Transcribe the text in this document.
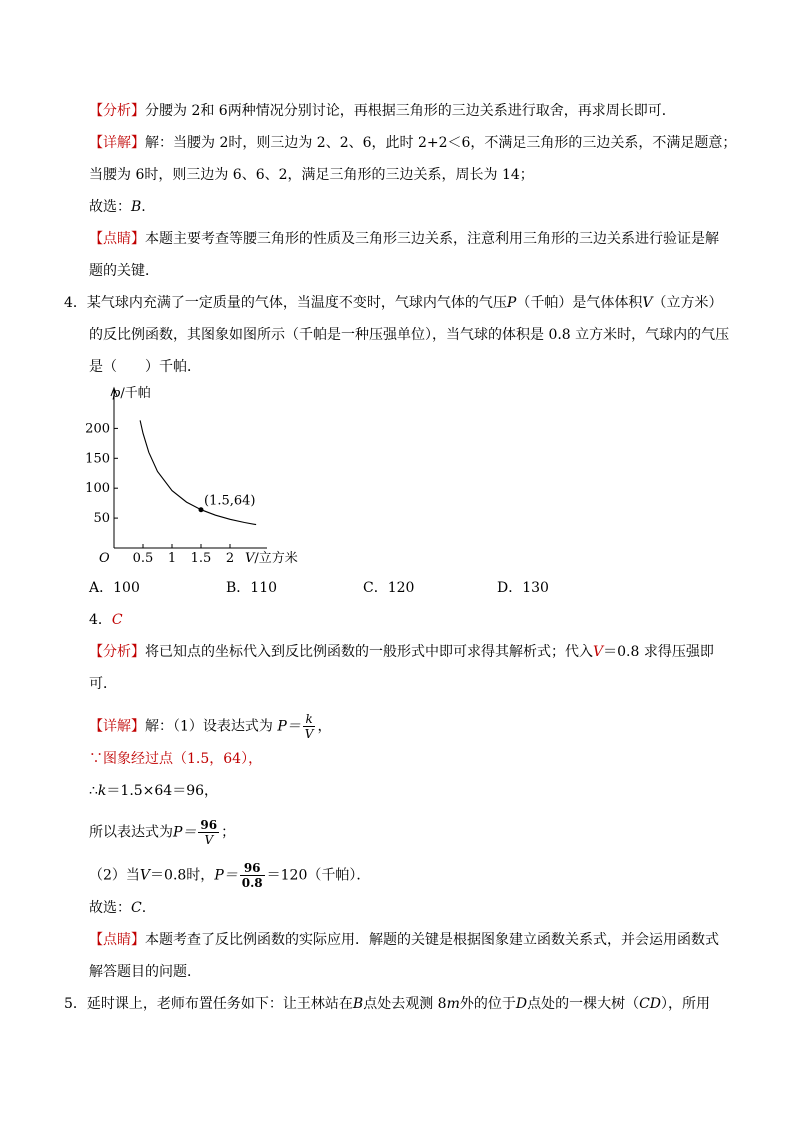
【分析】分腰为 2和 6两种情况分别讨论，再根据三角形的三边关系进行取舍，再求周长即可．
【详解】解：当腰为 2时，则三边为 2、2、6，此时 2+2＜6，不满足三角形的三边关系，不满足题意；
当腰为 6时，则三边为 6、6、2，满足三角形的三边关系，周长为 14；
故选：B.
【点睛】本题主要考查等腰三角形的性质及三角形三边关系，注意利用三角形的三边关系进行验证是解
题的关键．
4．某气球内充满了一定质量的气体，当温度不变时，气球内气体的气压P（千帕）是气体体积V（立方米）
的反比例函数，其图象如图所示（千帕是一种压强单位），当气球的体积是 0.8 立方米时，气球内的气压
是（　　）千帕．
O
p/千帕
V/立方米
0.5 1 1.5 2
50
100
150
200
(1.5,64)
A．100	B．110	C．120	D．130
4．C
【分析】将已知点的坐标代入到反比例函数的一般形式中即可求得其解析式；代入V＝0.8 求得压强即
可．
【详解】解：（1）设表达式为 $P= \frac{k}{V}$ ，
∵图象经过点（1.5，64），
∴k＝1.5×64＝96，
所以表达式为$P= \frac{96}{V}$ ；
（2）当V＝0.8时，$P= \frac{96}{0.8} =120$（千帕）．
故选：C.
【点睛】本题考查了反比例函数的实际应用．解题的关键是根据图象建立函数关系式，并会运用函数式
解答题目的问题．
5．延时课上，老师布置任务如下：让王林站在B点处去观测 8m外的位于D点处的一棵大树（CD），所用
